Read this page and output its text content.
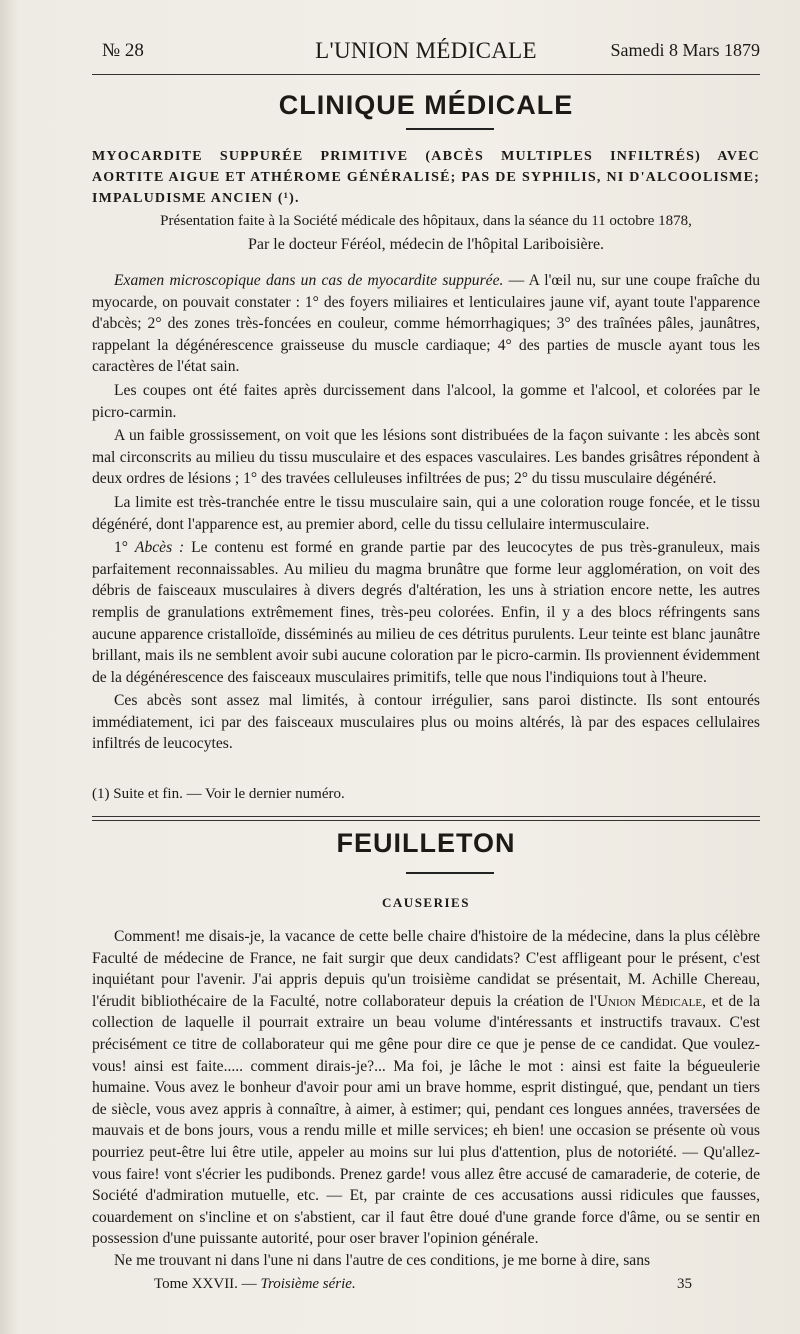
№ 28	L'UNION MÉDICALE	Samedi 8 Mars 1879
CLINIQUE MÉDICALE
MYOCARDITE SUPPURÉE PRIMITIVE (ABCÈS MULTIPLES INFILTRÉS) AVEC AORTITE AIGUE ET ATHÉROME GÉNÉRALISÉ; PAS DE SYPHILIS, NI D'ALCOOLISME; IMPALUDISME ANCIEN (¹).
Présentation faite à la Société médicale des hôpitaux, dans la séance du 11 octobre 1878,
Par le docteur Féréol, médecin de l'hôpital Lariboisière.

Examen microscopique dans un cas de myocardite suppurée. — A l'œil nu, sur une coupe fraîche du myocarde, on pouvait constater : 1° des foyers miliaires et lenticulaires jaune vif, ayant toute l'apparence d'abcès; 2° des zones très-foncées en couleur, comme hémorrhagiques; 3° des traînées pâles, jaunâtres, rappelant la dégénérescence graisseuse du muscle cardiaque; 4° des parties de muscle ayant tous les caractères de l'état sain.

Les coupes ont été faites après durcissement dans l'alcool, la gomme et l'alcool, et colorées par le picro-carmin.

A un faible grossissement, on voit que les lésions sont distribuées de la façon suivante : les abcès sont mal circonscrits au milieu du tissu musculaire et des espaces vasculaires. Les bandes grisâtres répondent à deux ordres de lésions ; 1° des travées celluleuses infiltrées de pus; 2° du tissu musculaire dégénéré.

La limite est très-tranchée entre le tissu musculaire sain, qui a une coloration rouge foncée, et le tissu dégénéré, dont l'apparence est, au premier abord, celle du tissu cellulaire intermusculaire.

1° Abcès : Le contenu est formé en grande partie par des leucocytes de pus très-granuleux, mais parfaitement reconnaissables. Au milieu du magma brunâtre que forme leur agglomération, on voit des débris de faisceaux musculaires à divers degrés d'altération, les uns à striation encore nette, les autres remplis de granulations extrêmement fines, très-peu colorées. Enfin, il y a des blocs réfringents sans aucune apparence cristalloïde, disséminés au milieu de ces détritus purulents. Leur teinte est blanc jaunâtre brillant, mais ils ne semblent avoir subi aucune coloration par le picro-carmin. Ils proviennent évidemment de la dégénérescence des faisceaux musculaires primitifs, telle que nous l'indiquions tout à l'heure.

Ces abcès sont assez mal limités, à contour irrégulier, sans paroi distincte. Ils sont entourés immédiatement, ici par des faisceaux musculaires plus ou moins altérés, là par des espaces cellulaires infiltrés de leucocytes.

(1) Suite et fin. — Voir le dernier numéro.
FEUILLETON
CAUSERIES

Comment! me disais-je, la vacance de cette belle chaire d'histoire de la médecine, dans la plus célèbre Faculté de médecine de France, ne fait surgir que deux candidats? C'est affligeant pour le présent, c'est inquiétant pour l'avenir. J'ai appris depuis qu'un troisième candidat se présentait, M. Achille Chereau, l'érudit bibliothécaire de la Faculté, notre collaborateur depuis la création de l'Union Médicale, et de la collection de laquelle il pourrait extraire un beau volume d'intéressants et instructifs travaux. C'est précisément ce titre de collaborateur qui me gêne pour dire ce que je pense de ce candidat. Que voulez-vous! ainsi est faite..... comment dirais-je?... Ma foi, je lâche le mot : ainsi est faite la bégueulerie humaine. Vous avez le bonheur d'avoir pour ami un brave homme, esprit distingué, que, pendant un tiers de siècle, vous avez appris à connaître, à aimer, à estimer; qui, pendant ces longues années, traversées de mauvais et de bons jours, vous a rendu mille et mille services; eh bien! une occasion se présente où vous pourriez peut-être lui être utile, appeler au moins sur lui plus d'attention, plus de notoriété. — Qu'allez-vous faire! vont s'écrier les pudibonds. Prenez garde! vous allez être accusé de camaraderie, de coterie, de Société d'admiration mutuelle, etc. — Et, par crainte de ces accusations aussi ridicules que fausses, couardement on s'incline et on s'abstient, car il faut être doué d'une grande force d'âme, ou se sentir en possession d'une puissante autorité, pour oser braver l'opinion générale.

Ne me trouvant ni dans l'une ni dans l'autre de ces conditions, je me borne à dire, sans

Tome XXVII. — Troisième série.	35
